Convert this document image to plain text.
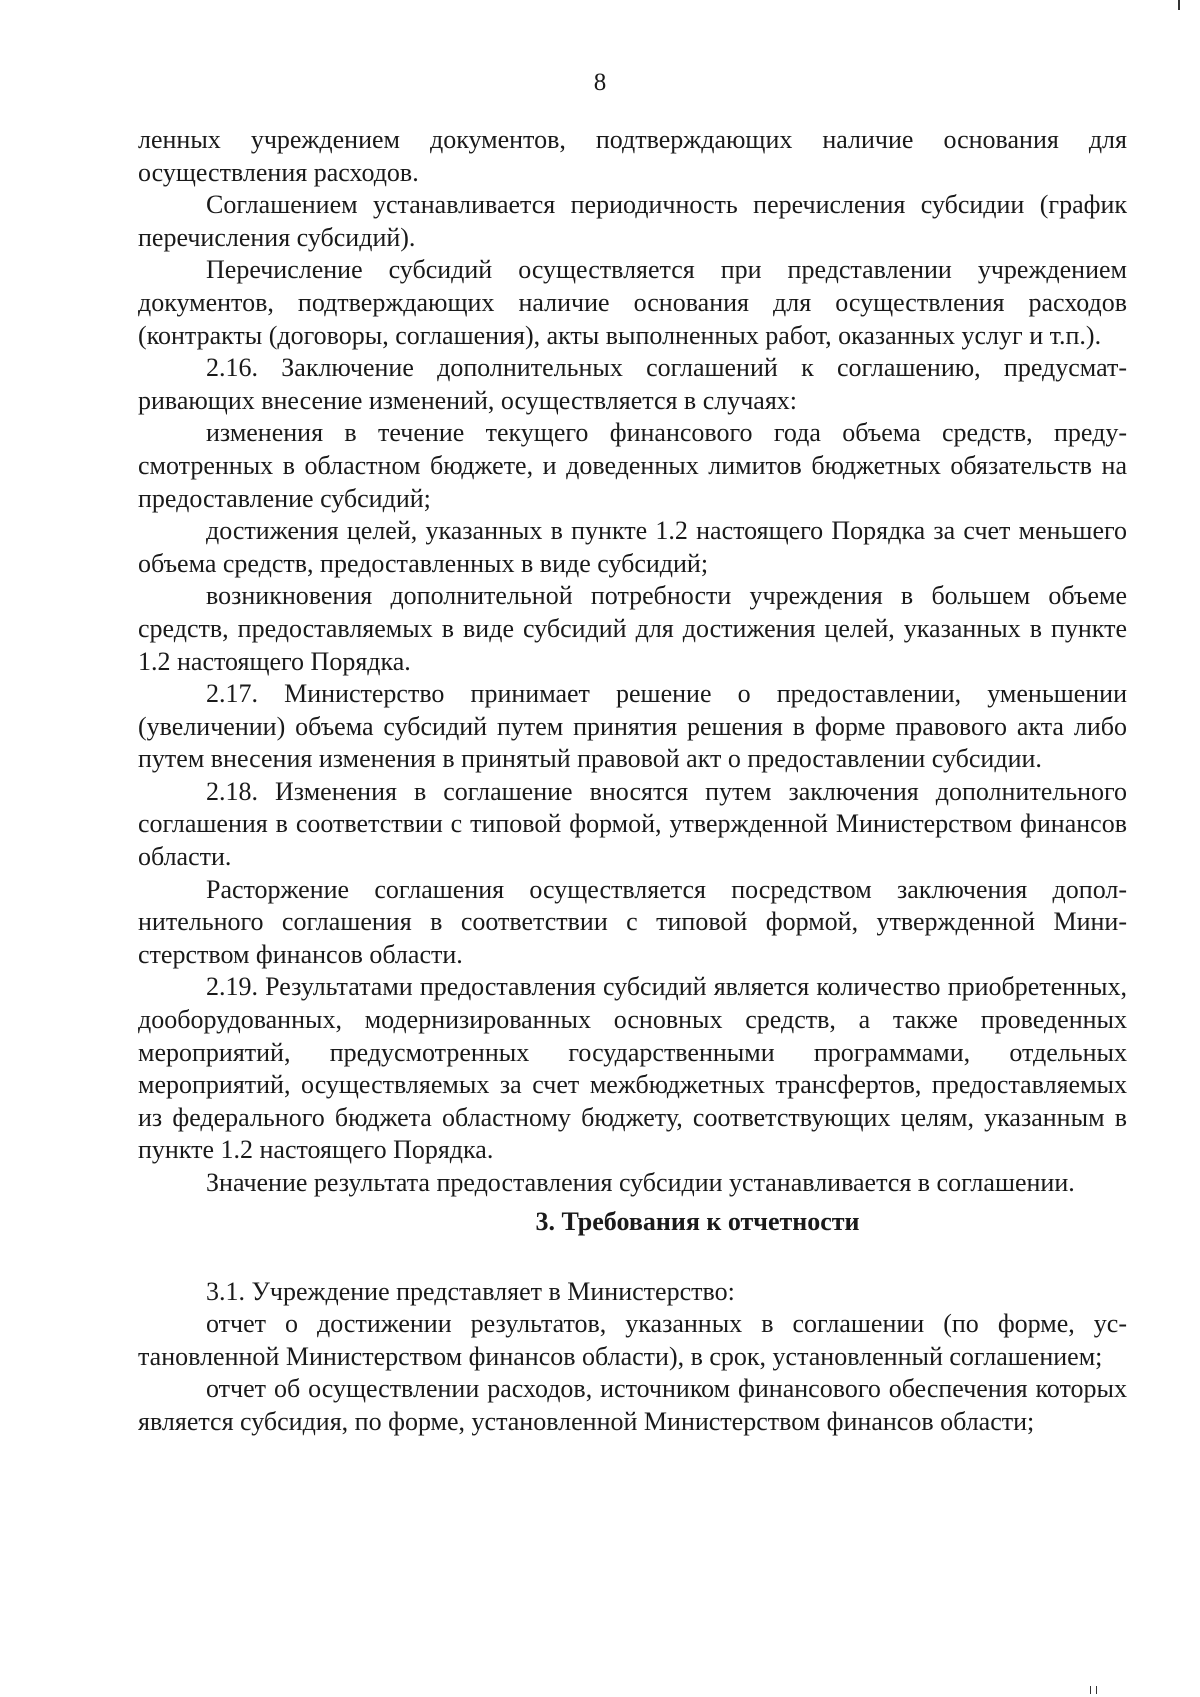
8

ленных учреждением документов, подтверждающих наличие основания для осуществления расходов.

Соглашением устанавливается периодичность перечисления субсидии (график перечисления субсидий).

Перечисление субсидий осуществляется при представлении учреждением документов, подтверждающих наличие основания для осуществления расходов (контракты (договоры, соглашения), акты выполненных работ, оказанных услуг и т.п.).

2.16. Заключение дополнительных соглашений к соглашению, предусматривающих внесение изменений, осуществляется в случаях:

изменения в течение текущего финансового года объема средств, предусмотренных в областном бюджете, и доведенных лимитов бюджетных обязательств на предоставление субсидий;

достижения целей, указанных в пункте 1.2 настоящего Порядка за счет меньшего объема средств, предоставленных в виде субсидий;

возникновения дополнительной потребности учреждения в большем объеме средств, предоставляемых в виде субсидий для достижения целей, указанных в пункте 1.2 настоящего Порядка.

2.17. Министерство принимает решение о предоставлении, уменьшении (увеличении) объема субсидий путем принятия решения в форме правового акта либо путем внесения изменения в принятый правовой акт о предоставлении субсидии.

2.18. Изменения в соглашение вносятся путем заключения дополнительного соглашения в соответствии с типовой формой, утвержденной Министерством финансов области.

Расторжение соглашения осуществляется посредством заключения дополнительного соглашения в соответствии с типовой формой, утвержденной Министерством финансов области.

2.19. Результатами предоставления субсидий является количество приобретенных, дооборудованных, модернизированных основных средств, а также проведенных мероприятий, предусмотренных государственными программами, отдельных мероприятий, осуществляемых за счет межбюджетных трансфертов, предоставляемых из федерального бюджета областному бюджету, соответствующих целям, указанным в пункте 1.2 настоящего Порядка.

Значение результата предоставления субсидии устанавливается в соглашении.

3. Требования к отчетности

3.1. Учреждение представляет в Министерство:

отчет о достижении результатов, указанных в соглашении (по форме, установленной Министерством финансов области), в срок, установленный соглашением;

отчет об осуществлении расходов, источником финансового обеспечения которых является субсидия, по форме, установленной Министерством финансов области;
